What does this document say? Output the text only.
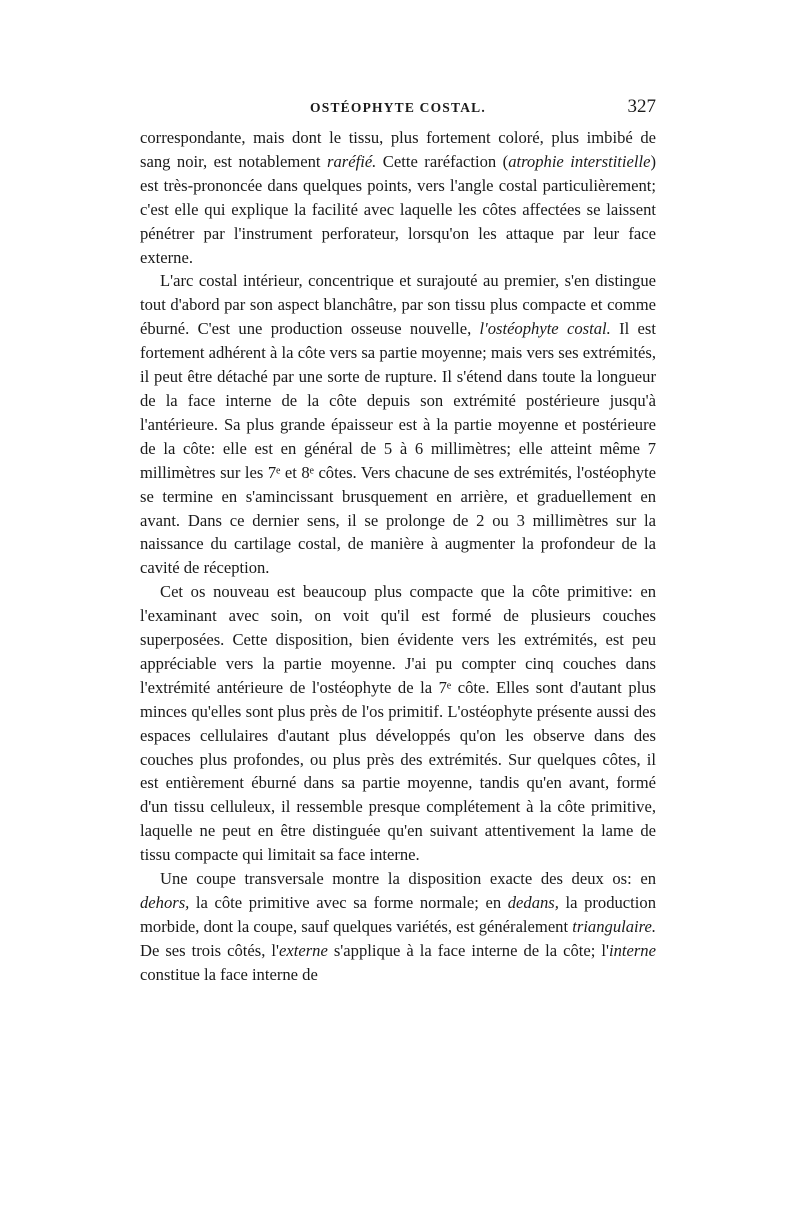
OSTÉOPHYTE COSTAL.	327

correspondante, mais dont le tissu, plus fortement coloré, plus imbibé de sang noir, est notablement raréfié. Cette raréfaction (atrophie interstitielle) est très-prononcée dans quelques points, vers l'angle costal particulièrement; c'est elle qui explique la facilité avec laquelle les côtes affectées se laissent pénétrer par l'instrument perforateur, lorsqu'on les attaque par leur face externe.

L'arc costal intérieur, concentrique et surajouté au premier, s'en distingue tout d'abord par son aspect blanchâtre, par son tissu plus compacte et comme éburné. C'est une production osseuse nouvelle, l'ostéophyte costal. Il est fortement adhérent à la côte vers sa partie moyenne; mais vers ses extrémités, il peut être détaché par une sorte de rupture. Il s'étend dans toute la longueur de la face interne de la côte depuis son extrémité postérieure jusqu'à l'antérieure. Sa plus grande épaisseur est à la partie moyenne et postérieure de la côte: elle est en général de 5 à 6 millimètres; elle atteint même 7 millimètres sur les 7ᵉ et 8ᵉ côtes. Vers chacune de ses extrémités, l'ostéophyte se termine en s'amincissant brusquement en arrière, et graduellement en avant. Dans ce dernier sens, il se prolonge de 2 ou 3 millimètres sur la naissance du cartilage costal, de manière à augmenter la profondeur de la cavité de réception.

Cet os nouveau est beaucoup plus compacte que la côte primitive: en l'examinant avec soin, on voit qu'il est formé de plusieurs couches superposées. Cette disposition, bien évidente vers les extrémités, est peu appréciable vers la partie moyenne. J'ai pu compter cinq couches dans l'extrémité antérieure de l'ostéophyte de la 7ᵉ côte. Elles sont d'autant plus minces qu'elles sont plus près de l'os primitif. L'ostéophyte présente aussi des espaces cellulaires d'autant plus développés qu'on les observe dans des couches plus profondes, ou plus près des extrémités. Sur quelques côtes, il est entièrement éburné dans sa partie moyenne, tandis qu'en avant, formé d'un tissu celluleux, il ressemble presque complétement à la côte primitive, laquelle ne peut en être distinguée qu'en suivant attentivement la lame de tissu compacte qui limitait sa face interne.

Une coupe transversale montre la disposition exacte des deux os: en dehors, la côte primitive avec sa forme normale; en dedans, la production morbide, dont la coupe, sauf quelques variétés, est généralement triangulaire. De ses trois côtés, l'externe s'applique à la face interne de la côte; l'interne constitue la face interne de
